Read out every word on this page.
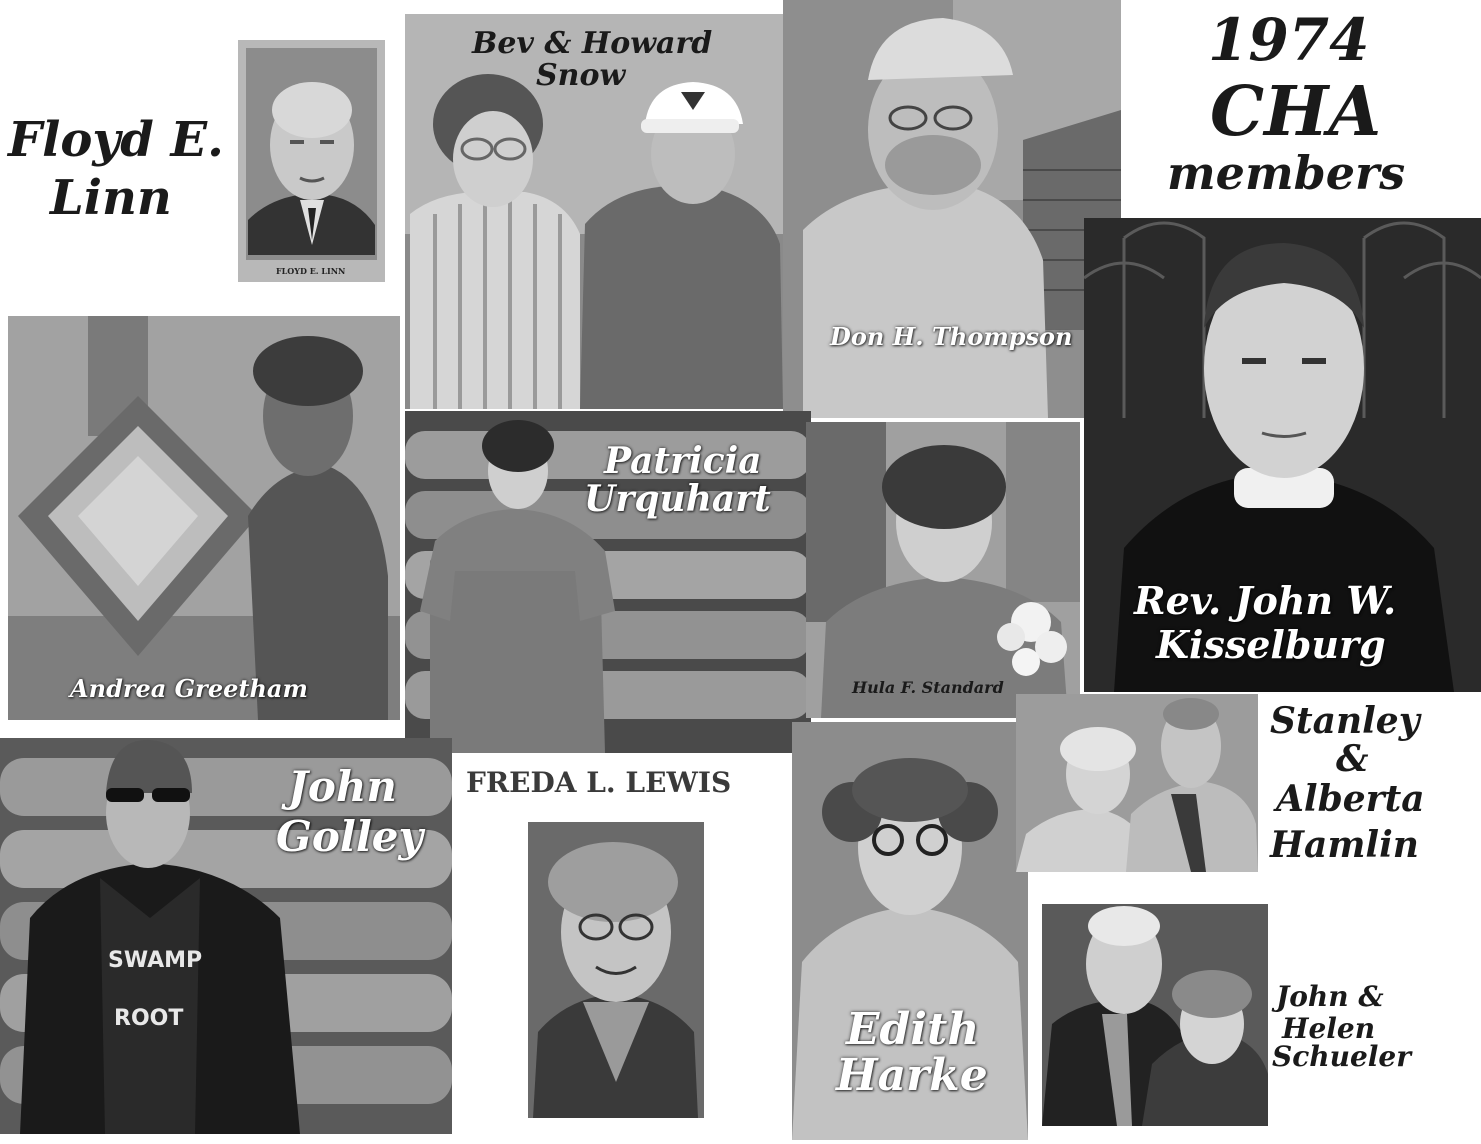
1974
CHA
members
FLOYD E. LINN
Floyd E.
Linn
Bev & Howard
Snow
Don H. Thompson
Rev. John W.
Kisselburg
Andrea Greetham
Patricia
Urquhart
Hula F. Standard
SWAMP
ROOT
John
Golley
FREDA L. LEWIS
Edith
Harke
Stanley
&
Alberta
Hamlin
John &
Helen
Schueler
